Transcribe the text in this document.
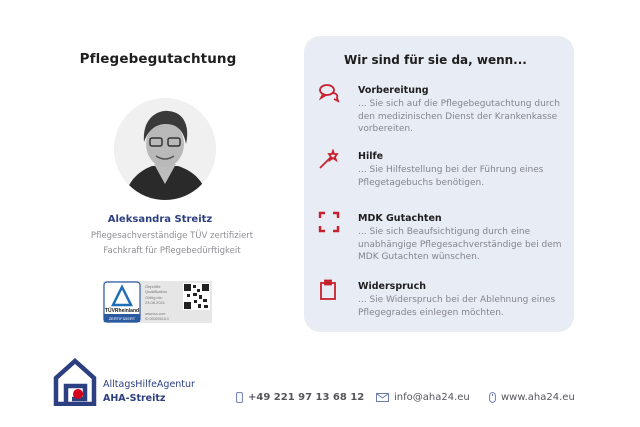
Pflegebegutachtung
Aleksandra Streitz
Pflegesachverständige TÜV zertifiziert
Fachkraft für Pflegebedürftigkeit
TÜVRheinland
ZERTIFIZIERT
Geprüfte
Qualifikation
Gültig bis:
23.08.2021
www.tuv.com
ID 0000054113
Wir sind für sie da, wenn...
Vorbereitung
... Sie sich auf die Pflegebegutachtung durch den medizinischen Dienst der Krankenkasse vorbereiten.
Hilfe
... Sie Hilfestellung bei der Führung eines Pflegetagebuchs benötigen.
MDK Gutachten
... Sie sich Beaufsichtigung durch eine unabhängige Pflegesachverständige bei dem MDK Gutachten wünschen.
Widerspruch
... Sie Widerspruch bei der Ablehnung eines Pflegegrades einlegen möchten.
AlltagsHilfeAgentur
AHA-Streitz	+49 221 97 13 68 12	info@aha24.eu	www.aha24.eu
